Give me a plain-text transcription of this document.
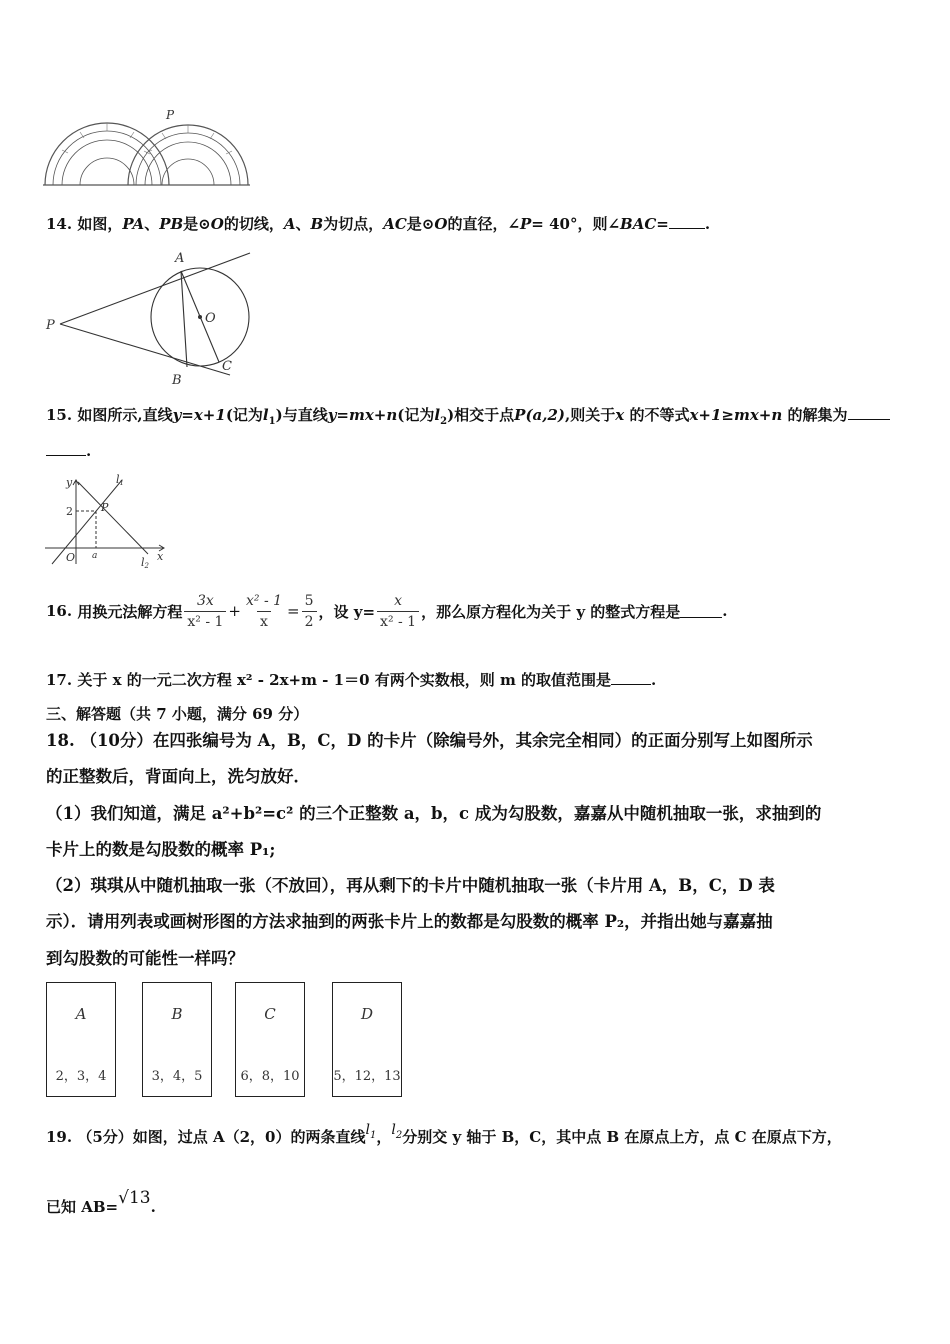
P
14. 如图，PA、PB是⊙O的切线，A、B为切点，AC是⊙O的直径，∠P= 40°，则∠BAC= .
A
B
C
O
P
15. 如图所示,直线y=x+1(记为$l_1$)与直线y=mx+n(记为$l_2$)相交于点P(a,2),则关于x 的不等式x+1≥mx+n 的解集为
.
y
x
2
O a
P
l1
l2
16.
用换元法解方程 $\frac{3x}{\text{x² - 1}} + \frac{\text{x² - 1}}{x} = \frac{5}{2}$ ，设 $y= \frac{x}{\text{x² - 1}}$ ，那么原方程化为关于 y 的整式方程是	.
17. 关于 x 的一元二次方程 x² - 2x+m - 1＝0 有两个实数根，则 m 的取值范围是	.
三、解答题（共 7 小题，满分 69 分）
18. （10分）在四张编号为 A，B，C，D 的卡片（除编号外，其余完全相同）的正面分别写上如图所示
的正整数后，背面向上，洗匀放好．
（1）我们知道，满足 a²+b²=c² 的三个正整数 a，b，c 成为勾股数，嘉嘉从中随机抽取一张，求抽到的
卡片上的数是勾股数的概率 P₁;
（2）琪琪从中随机抽取一张（不放回），再从剩下的卡片中随机抽取一张（卡片用 A，B，C，D 表
示）．请用列表或画树形图的方法求抽到的两张卡片上的数都是勾股数的概率 P₂，并指出她与嘉嘉抽
到勾股数的可能性一样吗？
A
2，3，4
B
3，4，5
C
6，8，10
D
5，12，13
19. （5分）如图，过点 A（2，0）的两条直线$l_1$，$l_2$分别交 y 轴于 B，C，其中点 B 在原点上方，点 C 在原点下方，
已知 AB=√13.
